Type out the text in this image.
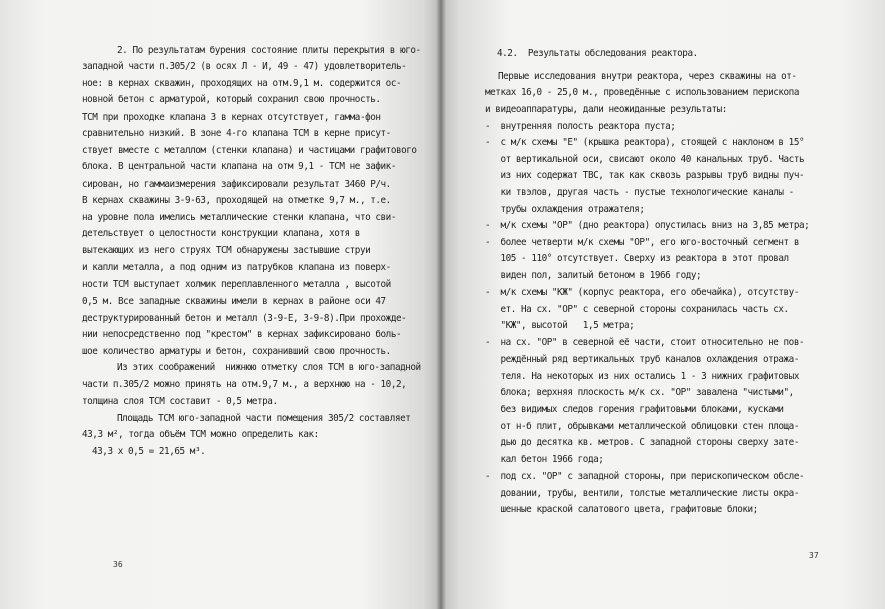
2. По результатам бурения состояние плиты перекрытия в юго-
западной части п.305/2 (в осях Л - И, 49 - 47) удовлетворитель-
ное: в кернах скважин, проходящих на отм.9,1 м. содержится ос-
новной бетон с арматурой, который сохранил свою прочность.
ТСМ при проходке клапана 3 в кернах отсутствует, гамма-фон
сравнительно низкий. В зоне 4-го клапана ТСМ в керне присут-
ствует вместе с металлом (стенки клапана) и частицами графитового
блока. В центральной части клапана на отм 9,1 - ТСМ не зафик-
сирован, но гаммаизмерения зафиксировали результат 3460 Р/ч.
В кернах скважины 3-9-63, проходящей на отметке 9,7 м., т.е.
на уровне пола имелись металлические стенки клапана, что сви-
детельствует о целостности конструкции клапана, хотя в
вытекающих из него струях ТСМ обнаружены застывшие струи
и капли металла, а под одним из патрубков клапана из поверх-
ности ТСМ выступает холмик переплавленного металла , высотой
0,5 м. Все западные скважины имели в кернах в районе оси 47
деструктурированный бетон и металл (3-9-Е, 3-9-8).При прохожде-
нии непосредственно под "крестом" в кернах зафиксировано боль-
шое количество арматуры и бетон, сохранивший свою прочность.
Из этих соображений  нижнюю отметку слоя ТСМ в юго-западной
части п.305/2 можно принять на отм.9,7 м., а верхнюю на - 10,2,
толщина слоя ТСМ составит - 0,5 метра.
Площадь ТСМ юго-западной части помещения 305/2 составляет
43,3 м², тогда объём ТСМ можно определить как:
43,3 х 0,5 = 21,65 м³.
36
4.2.  Результаты обследования реактора.
Первые исследования внутри реактора, через скважины на от-
метках 16,0 - 25,0 м., проведённые с использованием перископа
и видеоаппаратуры, дали неожиданные результаты:
-  внутренняя полость реактора пуста;
-  с м/к схемы "Е" (крышка реактора), стоящей с наклоном в 15°
от вертикальной оси, свисают около 40 канальных труб. Часть
из них содержат ТВС, так как сквозь разрывы труб видны пуч-
ки твэлов, другая часть - пустые технологические каналы -
трубы охлаждения отражателя;
-  м/к схемы "ОР" (дно реактора) опустилась вниз на 3,85 метра;
-  более четверти м/к схемы "ОР", его юго-восточный сегмент в
105 - 110° отсутствует. Сверху из реактора в этот провал
виден пол, залитый бетоном в 1966 году;
-  м/к схемы "КЖ" (корпус реактора, его обечайка), отсутству-
ет. На сх. "ОР" с северной стороны сохранилась часть сх.
"КЖ", высотой   1,5 метра;
-  на сх. "ОР" в северной её части, стоит относительно не пов-
реждённый ряд вертикальных труб каналов охлаждения отража-
теля. На некоторых из них остались 1 - 3 нижних графитовых
блока; верхняя плоскость м/к сх. "ОР" завалена "чистыми",
без видимых следов горения графитовыми блоками, кусками
от н-б плит, обрывками металлической облицовки стен площа-
дью до десятка кв. метров. С западной стороны сверху зате-
кал бетон 1966 года;
-  под сх. "ОР" с западной стороны, при перископическом обсле-
довании, трубы, вентили, толстые металлические листы окра-
шенные краской салатового цвета, графитовые блоки;
37
